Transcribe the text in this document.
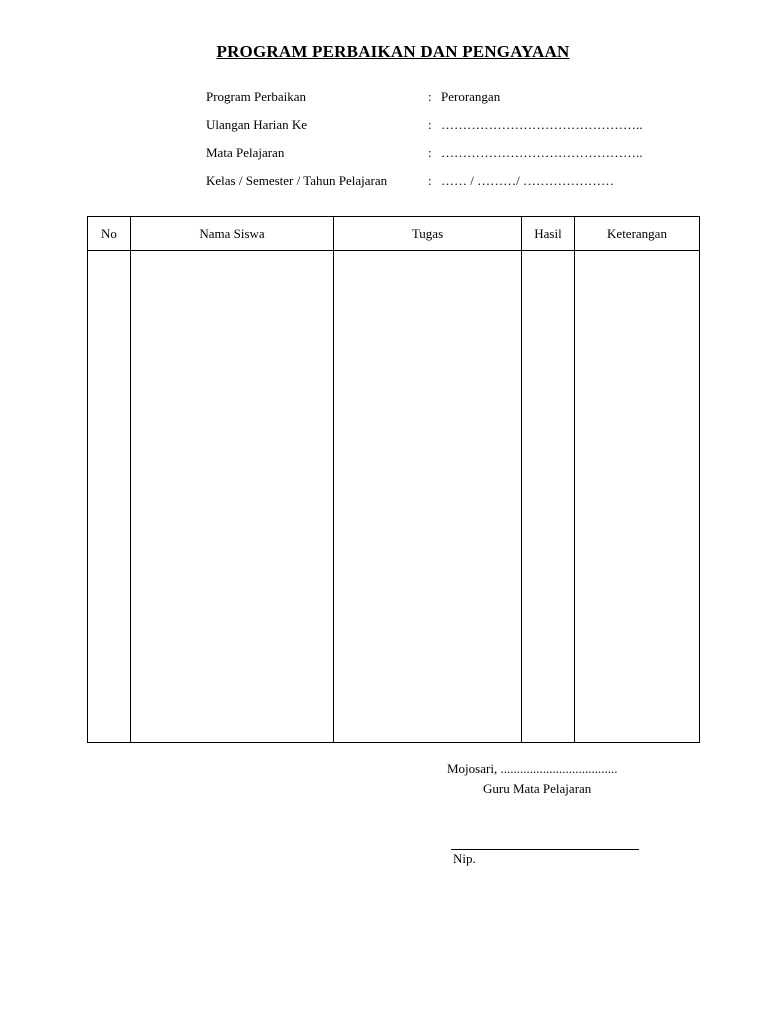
PROGRAM PERBAIKAN DAN PENGAYAAN
Program Perbaikan	: Perorangan
Ulangan Harian Ke	: ………………………………………..
Mata Pelajaran	: ………………………………………..
Kelas / Semester / Tahun Pelajaran	: …… / ………/ …………………
No	Nama Siswa	Tugas	Hasil	Keterangan

Mojosari, ....................................
Guru Mata Pelajaran
Nip.
